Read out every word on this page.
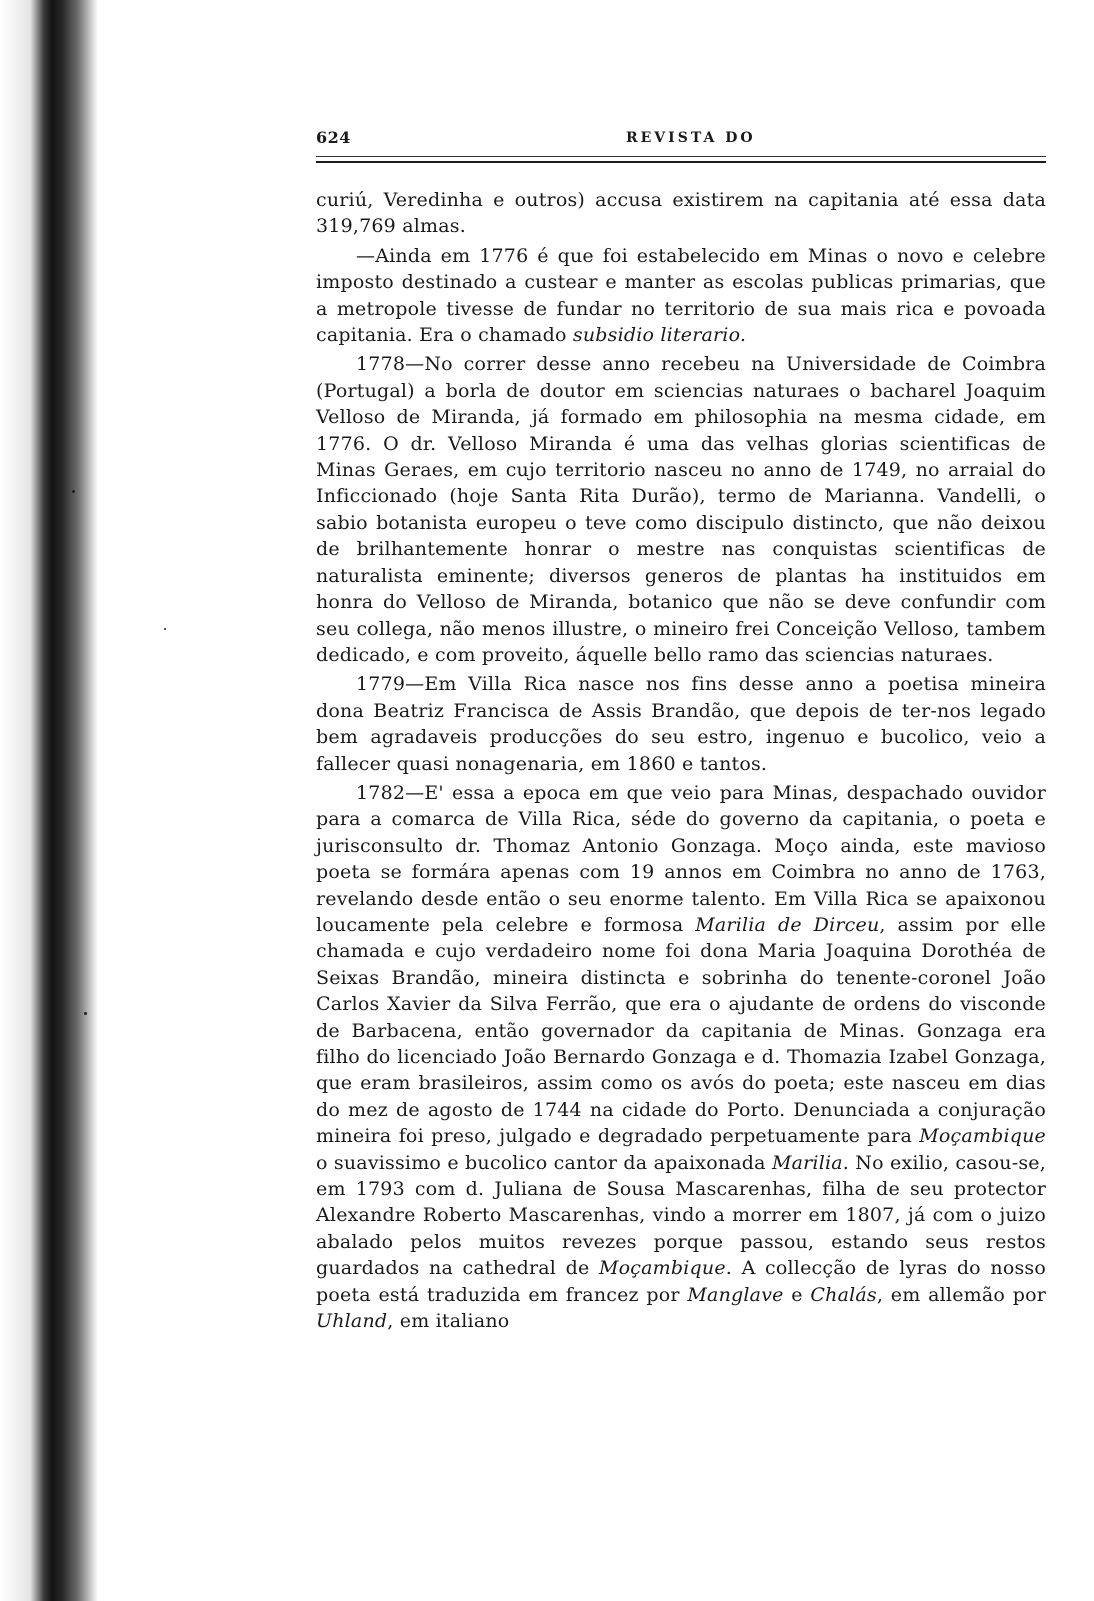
624	REVISTA DO

curiú, Veredinha e outros) accusa existirem na capitania até essa data 319,769 almas.

—Ainda em 1776 é que foi estabelecido em Minas o novo e celebre imposto destinado a custear e manter as escolas publicas primarias, que a metropole tivesse de fundar no territorio de sua mais rica e povoada capitania. Era o chamado subsidio literario.

1778—No correr desse anno recebeu na Universidade de Coimbra (Portugal) a borla de doutor em sciencias naturaes o bacharel Joaquim Velloso de Miranda, já formado em philosophia na mesma cidade, em 1776. O dr. Velloso Miranda é uma das velhas glorias scientificas de Minas Geraes, em cujo territorio nasceu no anno de 1749, no arraial do Inficcionado (hoje Santa Rita Durão), termo de Marianna. Vandelli, o sabio botanista europeu o teve como discipulo distincto, que não deixou de brilhantemente honrar o mestre nas conquistas scientificas de naturalista eminente; diversos generos de plantas ha instituidos em honra do Velloso de Miranda, botanico que não se deve confundir com seu collega, não menos illustre, o mineiro frei Conceição Velloso, tambem dedicado, e com proveito, áquelle bello ramo das sciencias naturaes.

1779—Em Villa Rica nasce nos fins desse anno a poetisa mineira dona Beatriz Francisca de Assis Brandão, que depois de ter-nos legado bem agradaveis producções do seu estro, ingenuo e bucolico, veio a fallecer quasi nonagenaria, em 1860 e tantos.

1782—E' essa a epoca em que veio para Minas, despachado ouvidor para a comarca de Villa Rica, séde do governo da capitania, o poeta e jurisconsulto dr. Thomaz Antonio Gonzaga. Moço ainda, este mavioso poeta se formára apenas com 19 annos em Coimbra no anno de 1763, revelando desde então o seu enorme talento. Em Villa Rica se apaixonou loucamente pela celebre e formosa Marilia de Dirceu, assim por elle chamada e cujo verdadeiro nome foi dona Maria Joaquina Dorothéa de Seixas Brandão, mineira distincta e sobrinha do tenente-coronel João Carlos Xavier da Silva Ferrão, que era o ajudante de ordens do visconde de Barbacena, então governador da capitania de Minas. Gonzaga era filho do licenciado João Bernardo Gonzaga e d. Thomazia Izabel Gonzaga, que eram brasileiros, assim como os avós do poeta; este nasceu em dias do mez de agosto de 1744 na cidade do Porto. Denunciada a conjuração mineira foi preso, julgado e degradado perpetuamente para Moçambique o suavissimo e bucolico cantor da apaixonada Marilia. No exilio, casou-se, em 1793 com d. Juliana de Sousa Mascarenhas, filha de seu protector Alexandre Roberto Mascarenhas, vindo a morrer em 1807, já com o juizo abalado pelos muitos revezes porque passou, estando seus restos guardados na cathedral de Moçambique. A collecção de lyras do nosso poeta está traduzida em francez por Manglave e Chalás, em allemão por Uhland, em italiano
